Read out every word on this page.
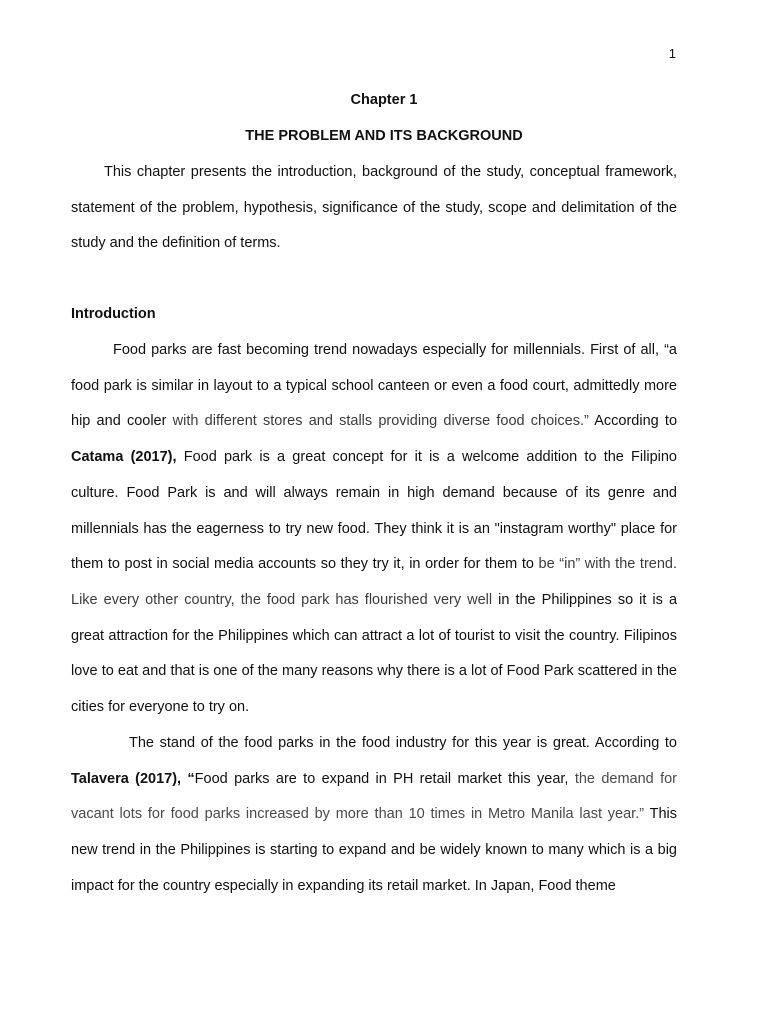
1
Chapter 1
THE PROBLEM AND ITS BACKGROUND

This chapter presents the introduction, background of the study, conceptual framework, statement of the problem, hypothesis, significance of the study, scope and delimitation of the study and the definition of terms.

Introduction

Food parks are fast becoming trend nowadays especially for millennials. First of all, “a food park is similar in layout to a typical school canteen or even a food court, admittedly more hip and cooler with different stores and stalls providing diverse food choices.” According to Catama (2017), Food park is a great concept for it is a welcome addition to the Filipino culture. Food Park is and will always remain in high demand because of its genre and millennials has the eagerness to try new food. They think it is an "instagram worthy" place for them to post in social media accounts so they try it, in order for them to be “in” with the trend. Like every other country, the food park has flourished very well in the Philippines so it is a great attraction for the Philippines which can attract a lot of tourist to visit the country. Filipinos love to eat and that is one of the many reasons why there is a lot of Food Park scattered in the cities for everyone to try on.

The stand of the food parks in the food industry for this year is great. According to Talavera (2017), “Food parks are to expand in PH retail market this year, the demand for vacant lots for food parks increased by more than 10 times in Metro Manila last year.” This new trend in the Philippines is starting to expand and be widely known to many which is a big impact for the country especially in expanding its retail market. In Japan, Food theme
